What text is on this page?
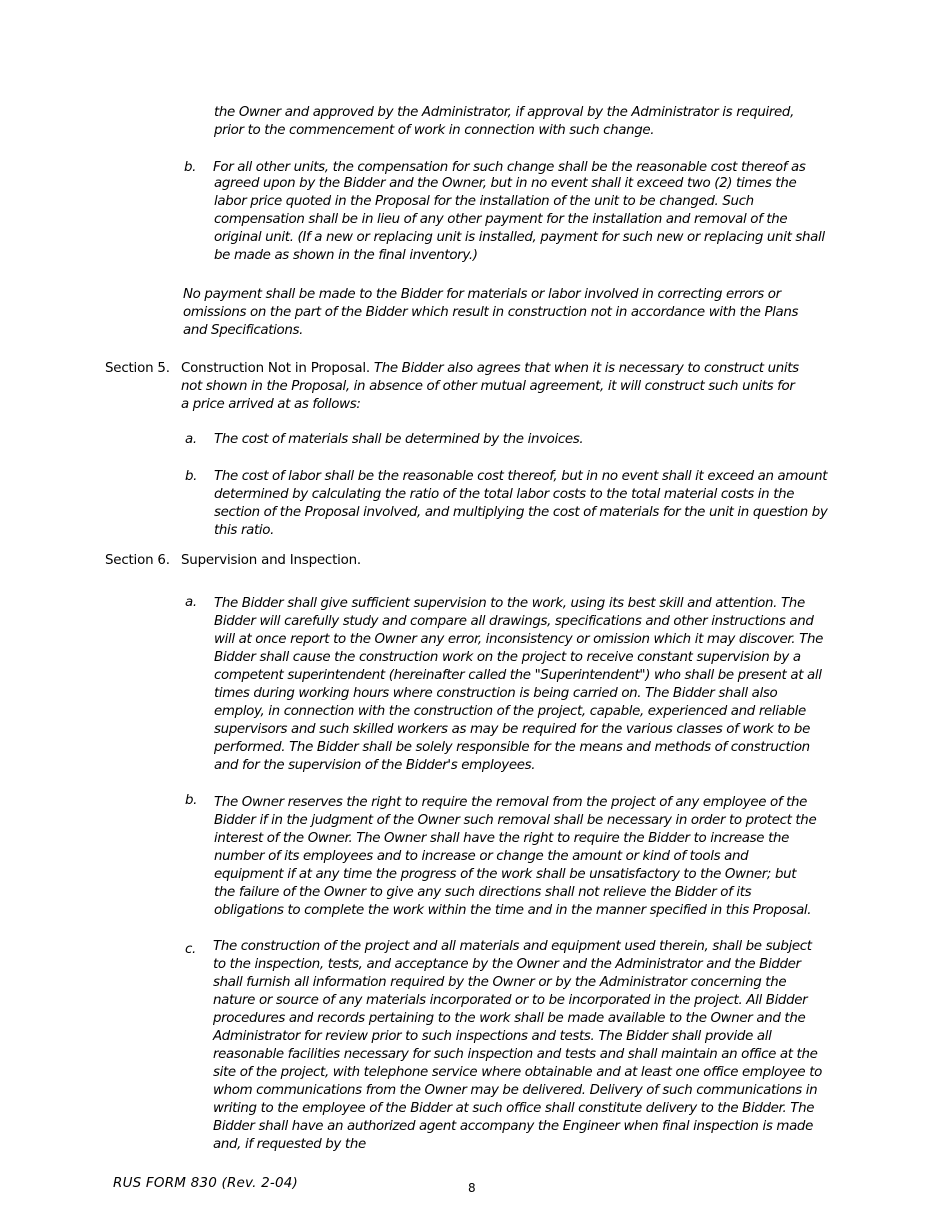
the Owner and approved by the Administrator, if approval by the Administrator is required, prior to the commencement of work in connection with such change.

b. For all other units, the compensation for such change shall be the reasonable cost thereof as

agreed upon by the Bidder and the Owner, but in no event shall it exceed two (2) times the labor price quoted in the Proposal for the installation of the unit to be changed. Such compensation shall be in lieu of any other payment for the installation and removal of the original unit. (If a new or replacing unit is installed, payment for such new or replacing unit shall be made as shown in the final inventory.)

No payment shall be made to the Bidder for materials or labor involved in correcting errors or omissions on the part of the Bidder which result in construction not in accordance with the Plans and Specifications.

Section 5. Construction Not in Proposal. The Bidder also agrees that when it is necessary to construct units not shown in the Proposal, in absence of other mutual agreement, it will construct such units for a price arrived at as follows:

a. The cost of materials shall be determined by the invoices.

b. The cost of labor shall be the reasonable cost thereof, but in no event shall it exceed an amount determined by calculating the ratio of the total labor costs to the total material costs in the section of the Proposal involved, and multiplying the cost of materials for the unit in question by this ratio.

Section 6. Supervision and Inspection.
a. The Bidder shall give sufficient supervision to the work, using its best skill and attention. The Bidder will carefully study and compare all drawings, specifications and other instructions and will at once report to the Owner any error, inconsistency or omission which it may discover. The Bidder shall cause the construction work on the project to receive constant supervision by a competent superintendent (hereinafter called the "Superintendent") who shall be present at all times during working hours where construction is being carried on. The Bidder shall also employ, in connection with the construction of the project, capable, experienced and reliable supervisors and such skilled workers as may be required for the various classes of work to be performed. The Bidder shall be solely responsible for the means and methods of construction and for the supervision of the Bidder's employees.

b. The Owner reserves the right to require the removal from the project of any employee of the Bidder if in the judgment of the Owner such removal shall be necessary in order to protect the interest of the Owner. The Owner shall have the right to require the Bidder to increase the number of its employees and to increase or change the amount or kind of tools and equipment if at any time the progress of the work shall be unsatisfactory to the Owner; but the failure of the Owner to give any such directions shall not relieve the Bidder of its obligations to complete the work within the time and in the manner specified in this Proposal.

c. The construction of the project and all materials and equipment used therein, shall be subject to the inspection, tests, and acceptance by the Owner and the Administrator and the Bidder shall furnish all information required by the Owner or by the Administrator concerning the nature or source of any materials incorporated or to be incorporated in the project. All Bidder procedures and records pertaining to the work shall be made available to the Owner and the Administrator for review prior to such inspections and tests. The Bidder shall provide all reasonable facilities necessary for such inspection and tests and shall maintain an office at the site of the project, with telephone service where obtainable and at least one office employee to whom communications from the Owner may be delivered. Delivery of such communications in writing to the employee of the Bidder at such office shall constitute delivery to the Bidder. The Bidder shall have an authorized agent accompany the Engineer when final inspection is made and, if requested by the

RUS FORM 830 (Rev. 2-04)	8
